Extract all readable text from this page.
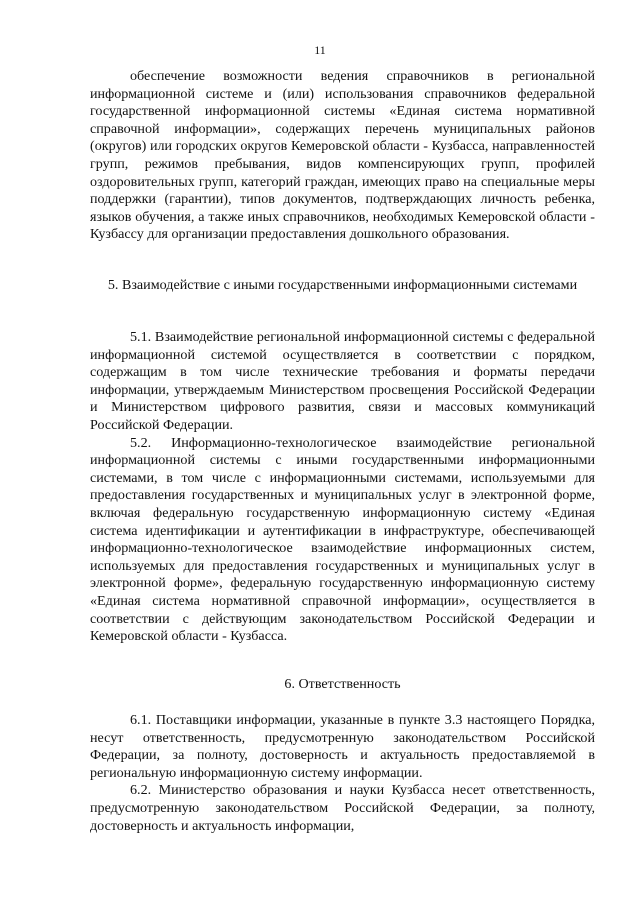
11

обеспечение возможности ведения справочников в региональной информационной системе и (или) использования справочников федеральной государственной информационной системы «Единая система нормативной справочной информации», содержащих перечень муниципальных районов (округов) или городских округов Кемеровской области - Кузбасса, направленностей групп, режимов пребывания, видов компенсирующих групп, профилей оздоровительных групп, категорий граждан, имеющих право на специальные меры поддержки (гарантии), типов документов, подтверждающих личность ребенка, языков обучения, а также иных справочников, необходимых Кемеровской области - Кузбассу для организации предоставления дошкольного образования.

5. Взаимодействие с иными государственными информационными системами

5.1. Взаимодействие региональной информационной системы с федеральной информационной системой осуществляется в соответствии с порядком, содержащим в том числе технические требования и форматы передачи информации, утверждаемым Министерством просвещения Российской Федерации и Министерством цифрового развития, связи и массовых коммуникаций Российской Федерации.

5.2. Информационно-технологическое взаимодействие региональной информационной системы с иными государственными информационными системами, в том числе с информационными системами, используемыми для предоставления государственных и муниципальных услуг в электронной форме, включая федеральную государственную информационную систему «Единая система идентификации и аутентификации в инфраструктуре, обеспечивающей информационно-технологическое взаимодействие информационных систем, используемых для предоставления государственных и муниципальных услуг в электронной форме», федеральную государственную информационную систему «Единая система нормативной справочной информации», осуществляется в соответствии с действующим законодательством Российской Федерации и Кемеровской области - Кузбасса.

6. Ответственность

6.1. Поставщики информации, указанные в пункте 3.3 настоящего Порядка, несут ответственность, предусмотренную законодательством Российской Федерации, за полноту, достоверность и актуальность предоставляемой в региональную информационную систему информации.

6.2. Министерство образования и науки Кузбасса несет ответственность, предусмотренную законодательством Российской Федерации, за полноту, достоверность и актуальность информации,
